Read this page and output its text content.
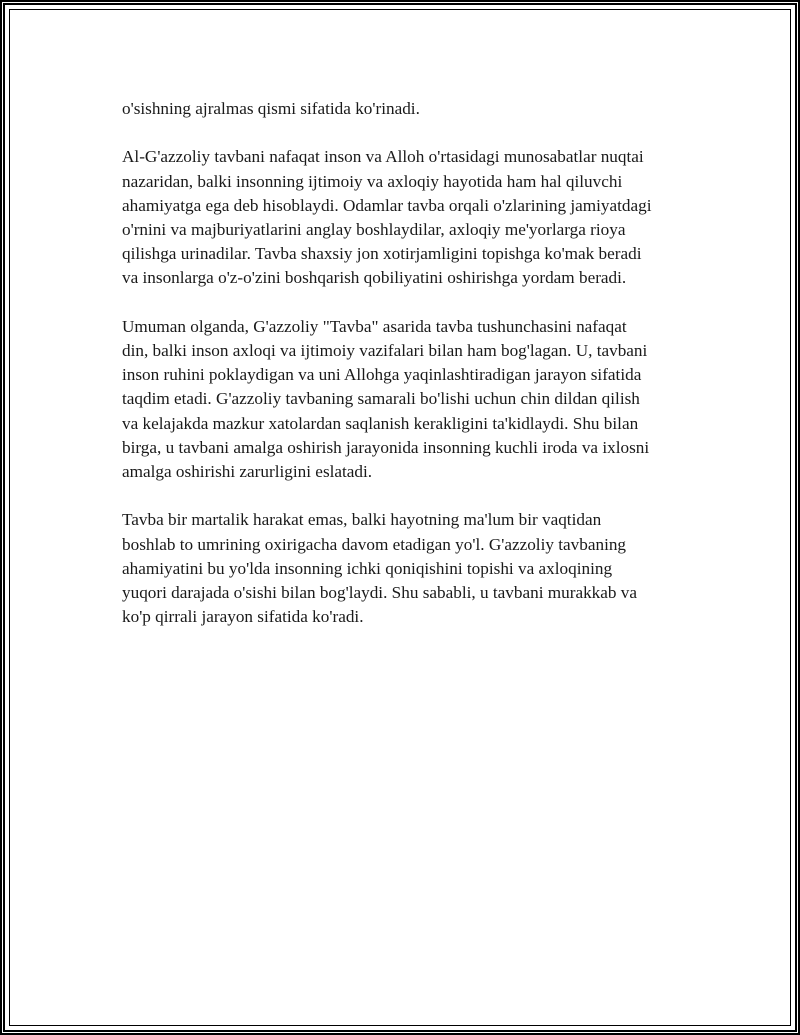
o'sishning ajralmas qismi sifatida ko'rinadi.

Al-G'azzoliy tavbani nafaqat inson va Alloh o'rtasidagi munosabatlar nuqtai
nazaridan, balki insonning ijtimoiy va axloqiy hayotida ham hal qiluvchi
ahamiyatga ega deb hisoblaydi. Odamlar tavba orqali o'zlarining jamiyatdagi
o'rnini va majburiyatlarini anglay boshlaydilar, axloqiy me'yorlarga rioya
qilishga urinadilar. Tavba shaxsiy jon xotirjamligini topishga ko'mak beradi
va insonlarga o'z-o'zini boshqarish qobiliyatini oshirishga yordam beradi.

Umuman olganda, G'azzoliy "Tavba" asarida tavba tushunchasini nafaqat
din, balki inson axloqi va ijtimoiy vazifalari bilan ham bog'lagan. U, tavbani
inson ruhini poklaydigan va uni Allohga yaqinlashtiradigan jarayon sifatida
taqdim etadi. G'azzoliy tavbaning samarali bo'lishi uchun chin dildan qilish
va kelajakda mazkur xatolardan saqlanish kerakligini ta'kidlaydi. Shu bilan
birga, u tavbani amalga oshirish jarayonida insonning kuchli iroda va ixlosni
amalga oshirishi zarurligini eslatadi.

Tavba bir martalik harakat emas, balki hayotning ma'lum bir vaqtidan
boshlab to umrining oxirigacha davom etadigan yo'l. G'azzoliy tavbaning
ahamiyatini bu yo'lda insonning ichki qoniqishini topishi va axloqining
yuqori darajada o'sishi bilan bog'laydi. Shu sababli, u tavbani murakkab va
ko'p qirrali jarayon sifatida ko'radi.
